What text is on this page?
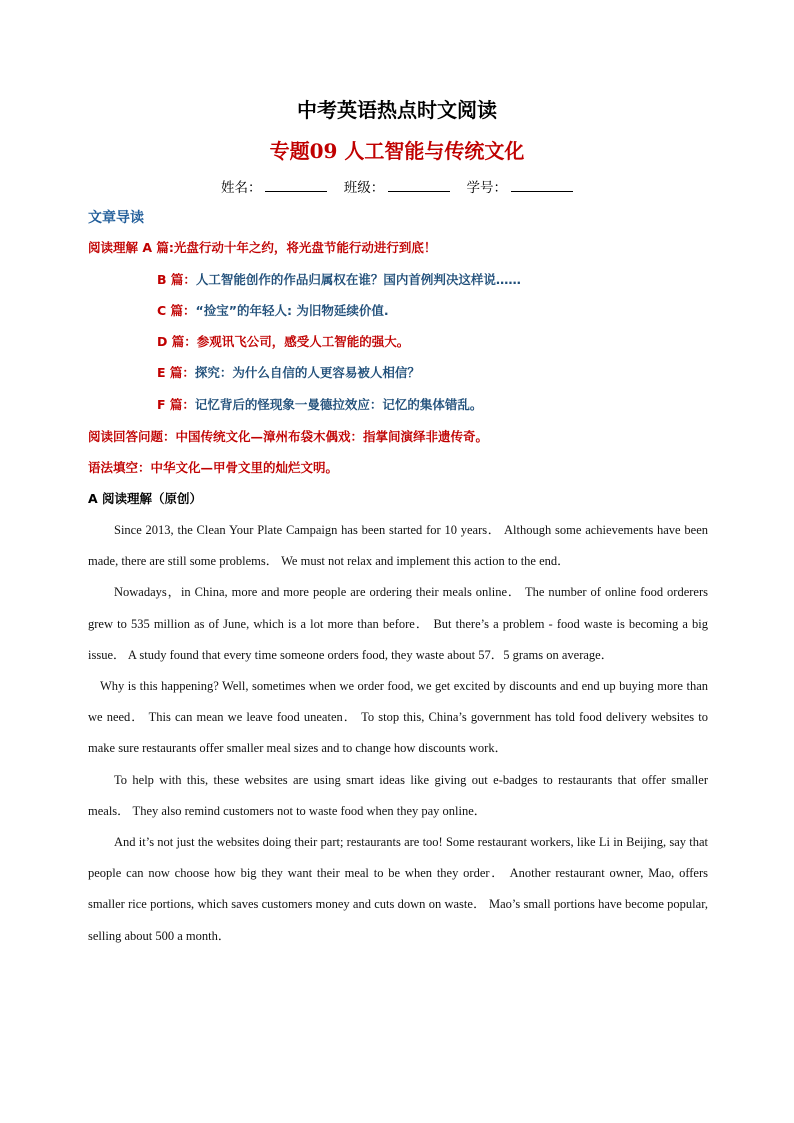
中考英语热点时文阅读
专题09 人工智能与传统文化
姓名：	班级：	学号：
文章导读
阅读理解 A 篇:光盘行动十年之约，将光盘节能行动进行到底！
B 篇：人工智能创作的作品归属权在谁？国内首例判决这样说……
C 篇：“捡宝”的年轻人: 为旧物延续价值.
D 篇：参观讯飞公司，感受人工智能的强大。
E 篇：探究：为什么自信的人更容易被人相信？
F 篇：记忆背后的怪现象一曼德拉效应：记忆的集体错乱。
阅读回答问题：中国传统文化—漳州布袋木偶戏：指掌间演绎非遗传奇。
语法填空：中华文化—甲骨文里的灿烂文明。
A 阅读理解（原创）

Since 2013, the Clean Your Plate Campaign has been started for 10 years． Although some achievements have been made, there are still some problems． We must not relax and implement this action to the end．

Nowadays，in China, more and more people are ordering their meals online． The number of online food orderers grew to 535 million as of June, which is a lot more than before． But there’s a problem - food waste is becoming a big issue． A study found that every time someone orders food, they waste about 57．5 grams on average．

Why is this happening? Well, sometimes when we order food, we get excited by discounts and end up buying more than we need． This can mean we leave food uneaten． To stop this, China’s government has told food delivery websites to make sure restaurants offer smaller meal sizes and to change how discounts work．

To help with this, these websites are using smart ideas like giving out e-badges to restaurants that offer smaller meals． They also remind customers not to waste food when they pay online．

And it’s not just the websites doing their part; restaurants are too! Some restaurant workers, like Li in Beijing, say that people can now choose how big they want their meal to be when they order． Another restaurant owner, Mao, offers smaller rice portions, which saves customers money and cuts down on waste． Mao’s small portions have become popular, selling about 500 a month．
